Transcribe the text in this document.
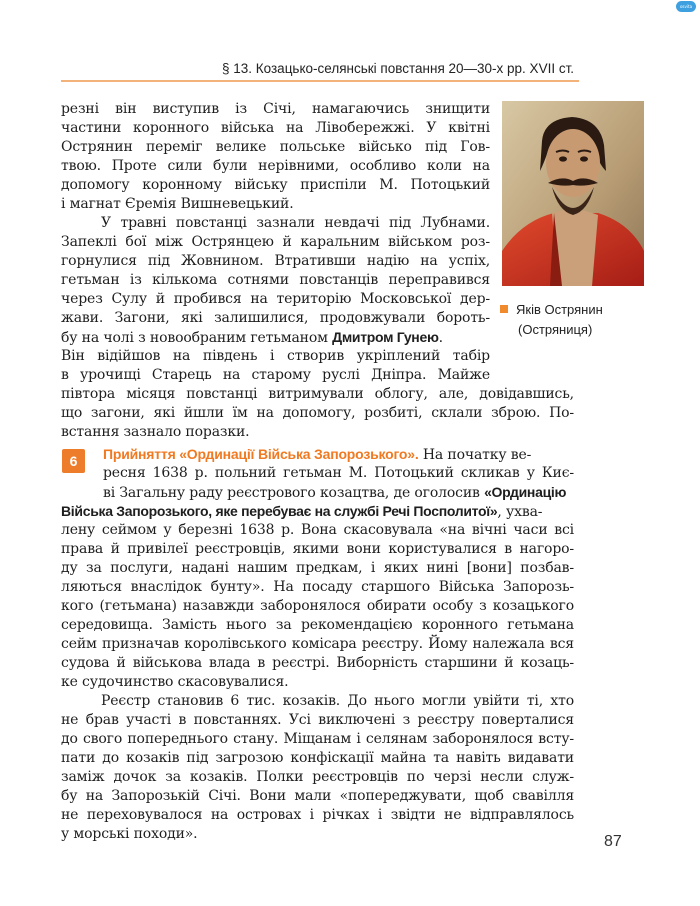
osvita
§ 13. Козацько-селянські повстання 20—30-х рр. XVII ст.
Яків Острянин
(Остряниця)
резні він виступив із Січі, намагаючись знищити
частини коронного війська на Лівобережжі. У квітні
Острянин переміг велике польське військо під Гов-
твою. Проте сили були нерівними, особливо коли на
допомогу коронному війську приспіли М. Потоцький
і магнат Єремія Вишневецький.
У травні повстанці зазнали невдачі під Лубнами.
Запеклі бої між Острянцею й каральним військом роз-
горнулися під Жовнином. Втративши надію на успіх,
гетьман із кількома сотнями повстанців переправився
через Сулу й пробився на територію Московської дер-
жави. Загони, які залишилися, продовжували бороть-
бу на чолі з новообраним гетьманом Дмитром Гунею.
Він відійшов на південь і створив укріплений табір
в урочищі Старець на старому руслі Дніпра. Майже
півтора місяця повстанці витримували облогу, але, довідавшись,
що загони, які йшли їм на допомогу, розбиті, склали зброю. По-
встання зазнало поразки.
6	Прийняття «Ординації Війська Запорозького». На початку ве-
ресня 1638 р. польний гетьман М. Потоцький скликав у Киє-
ві Загальну раду реєстрового козацтва, де оголосив «Ординацію
Війська Запорозького, яке перебуває на службі Речі Посполитої», ухва-
лену сеймом у березні 1638 р. Вона скасовувала «на вічні часи всі
права й привілеї реєстровців, якими вони користувалися в нагоро-
ду за послуги, надані нашим предкам, і яких нині [вони] позбав-
ляються внаслідок бунту». На посаду старшого Війська Запорозь-
кого (гетьмана) назавжди заборонялося обирати особу з козацького
середовища. Замість нього за рекомендацією коронного гетьмана
сейм призначав королівського комісара реєстру. Йому належала вся
судова й військова влада в реєстрі. Виборність старшини й козаць-
ке судочинство скасовувалися.
Реєстр становив 6 тис. козаків. До нього могли увійти ті, хто
не брав участі в повстаннях. Усі виключені з реєстру поверталися
до свого попереднього стану. Міщанам і селянам заборонялося всту-
пати до козаків під загрозою конфіскації майна та навіть видавати
заміж дочок за козаків. Полки реєстровців по черзі несли служ-
бу на Запорозькій Січі. Вони мали «попереджувати, щоб свавілля
не переховувалося на островах і річках і звідти не відправлялось
у морські походи».	87
